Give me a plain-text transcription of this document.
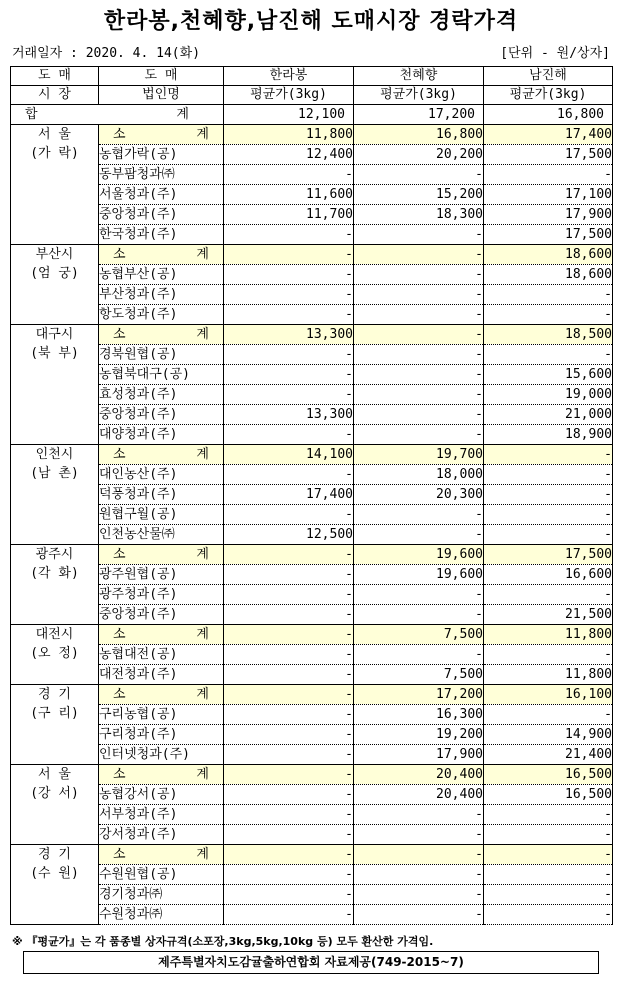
한라봉,천혜향,남진해 도매시장 경락가격
거래일자 : 2020. 4. 14(화)	[단위 - 원/상자]
도 매	도 매	한라봉	천혜향	남진해
시 장	법인명	평균가(3kg)	평균가(3kg)	평균가(3kg)
합 계		12,100	17,200	16,800

서 울
(가 락)	소 계	11,800	16,800	17,400
	농협가락(공)	12,400	20,200	17,500
	동부팜청과㈜	-	-	-
	서울청과(주)	11,600	15,200	17,100
	중앙청과(주)	11,700	18,300	17,900
	한국청과(주)	-	-	17,500

부산시
(엄 궁)	소 계	-	-	18,600
	농협부산(공)	-	-	18,600
	부산청과(주)	-	-	-
	항도청과(주)	-	-	-

대구시
(북 부)	소 계	13,300	-	18,500
	경북원협(공)	-	-	-
	농협북대구(공)	-	-	15,600
	효성청과(주)	-	-	19,000
	중앙청과(주)	13,300	-	21,000
	대양청과(주)	-	-	18,900

인천시
(남 촌)	소 계	14,100	19,700	-
	대인농산(주)	-	18,000	-
	덕풍청과(주)	17,400	20,300	-
	원협구월(공)	-	-	-
	인천농산물㈜	12,500	-	-

광주시
(각 화)	소 계	-	19,600	17,500
	광주원협(공)	-	19,600	16,600
	광주청과(주)	-	-	-
	중앙청과(주)	-	-	21,500

대전시
(오 정)	소 계	-	7,500	11,800
	농협대전(공)	-	-	-
	대전청과(주)	-	7,500	11,800

경 기
(구 리)	소 계	-	17,200	16,100
	구리농협(공)	-	16,300	-
	구리청과(주)	-	19,200	14,900
	인터넷청과(주)	-	17,900	21,400

서 울
(강 서)	소 계	-	20,400	16,500
	농협강서(공)	-	20,400	16,500
	서부청과(주)	-	-	-
	강서청과(주)	-	-	-

경 기
(수 원)	소 계	-	-	-
	수원원협(공)	-	-	-
	경기청과㈜	-	-	-
	수원청과㈜	-	-	-
※ 『평균가』는 각 품종별 상자규격(소포장,3kg,5kg,10kg 등) 모두 환산한 가격임.
제주특별자치도감귤출하연합회 자료제공(749-2015~7)
